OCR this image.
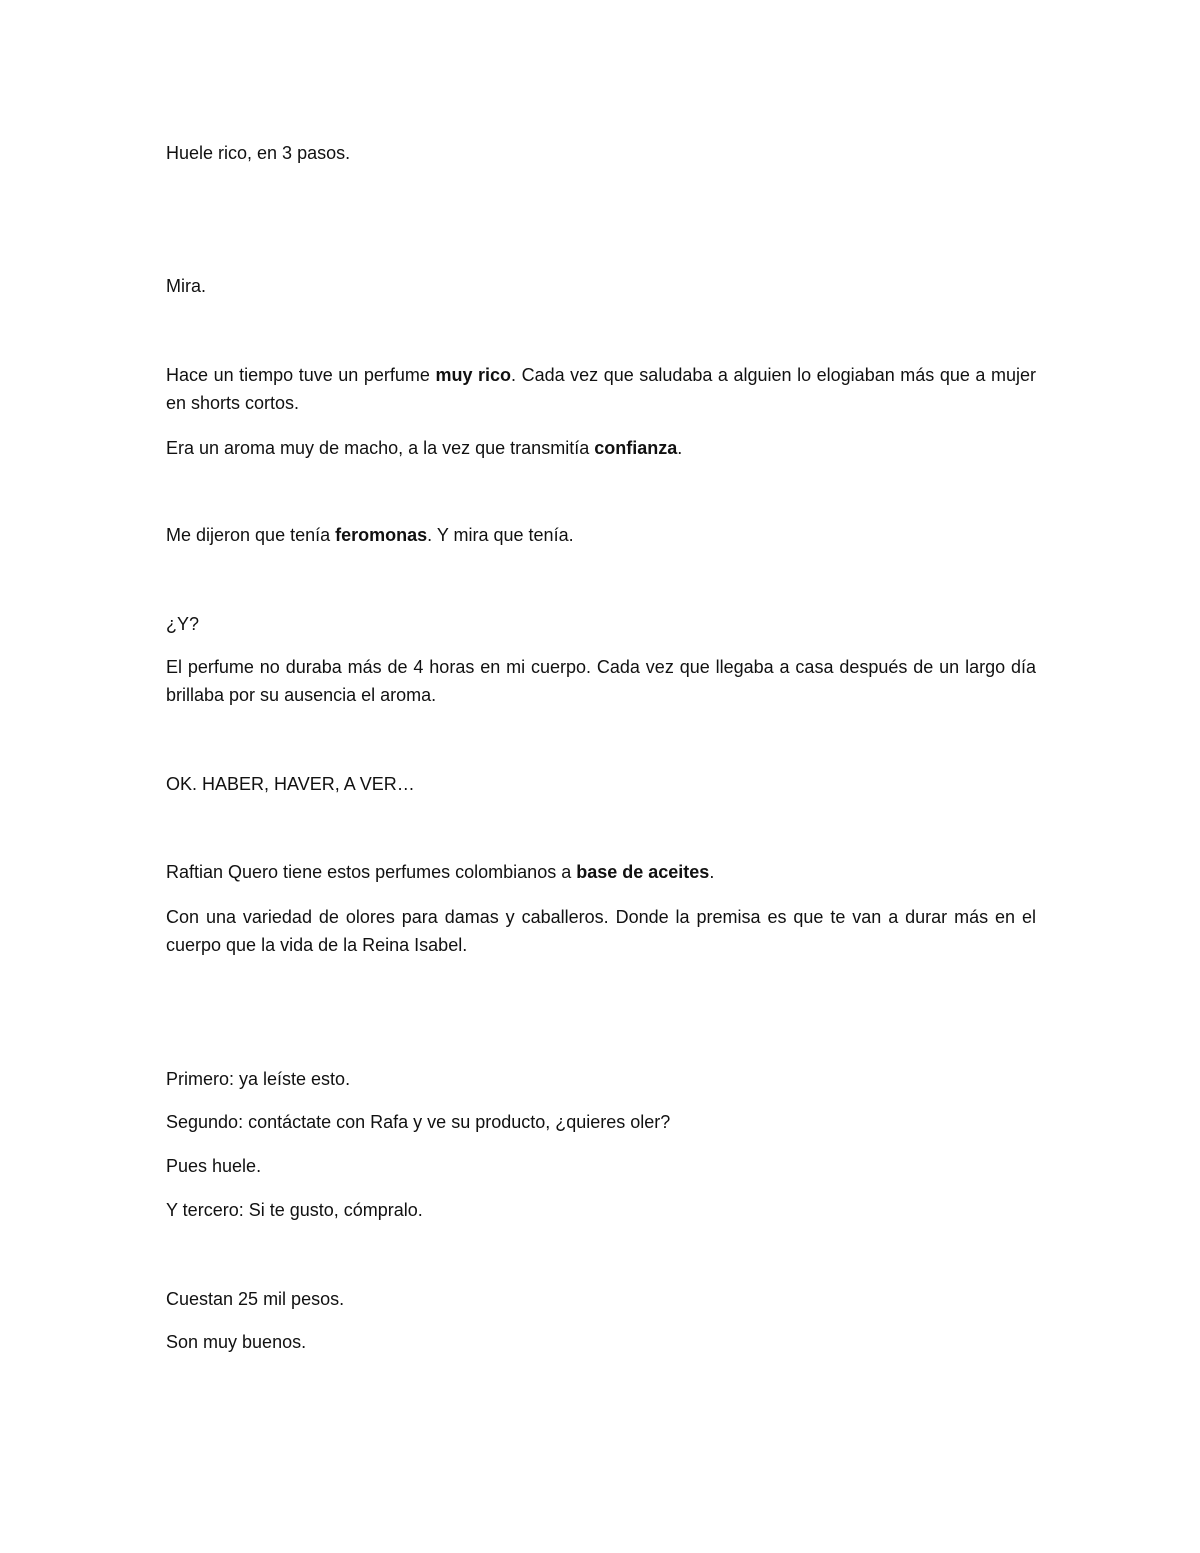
Huele rico, en 3 pasos.

Mira.

Hace un tiempo tuve un perfume muy rico. Cada vez que saludaba a alguien lo elogiaban más que a mujer en shorts cortos.

Era un aroma muy de macho, a la vez que transmitía confianza.

Me dijeron que tenía feromonas. Y mira que tenía.

¿Y?

El perfume no duraba más de 4 horas en mi cuerpo. Cada vez que llegaba a casa después de un largo día brillaba por su ausencia el aroma.

OK. HABER, HAVER, A VER…

Raftian Quero tiene estos perfumes colombianos a base de aceites.

Con una variedad de olores para damas y caballeros. Donde la premisa es que te van a durar más en el cuerpo que la vida de la Reina Isabel.

Primero: ya leíste esto.

Segundo: contáctate con Rafa y ve su producto, ¿quieres oler?

Pues huele.

Y tercero: Si te gusto, cómpralo.

Cuestan 25 mil pesos.

Son muy buenos.
